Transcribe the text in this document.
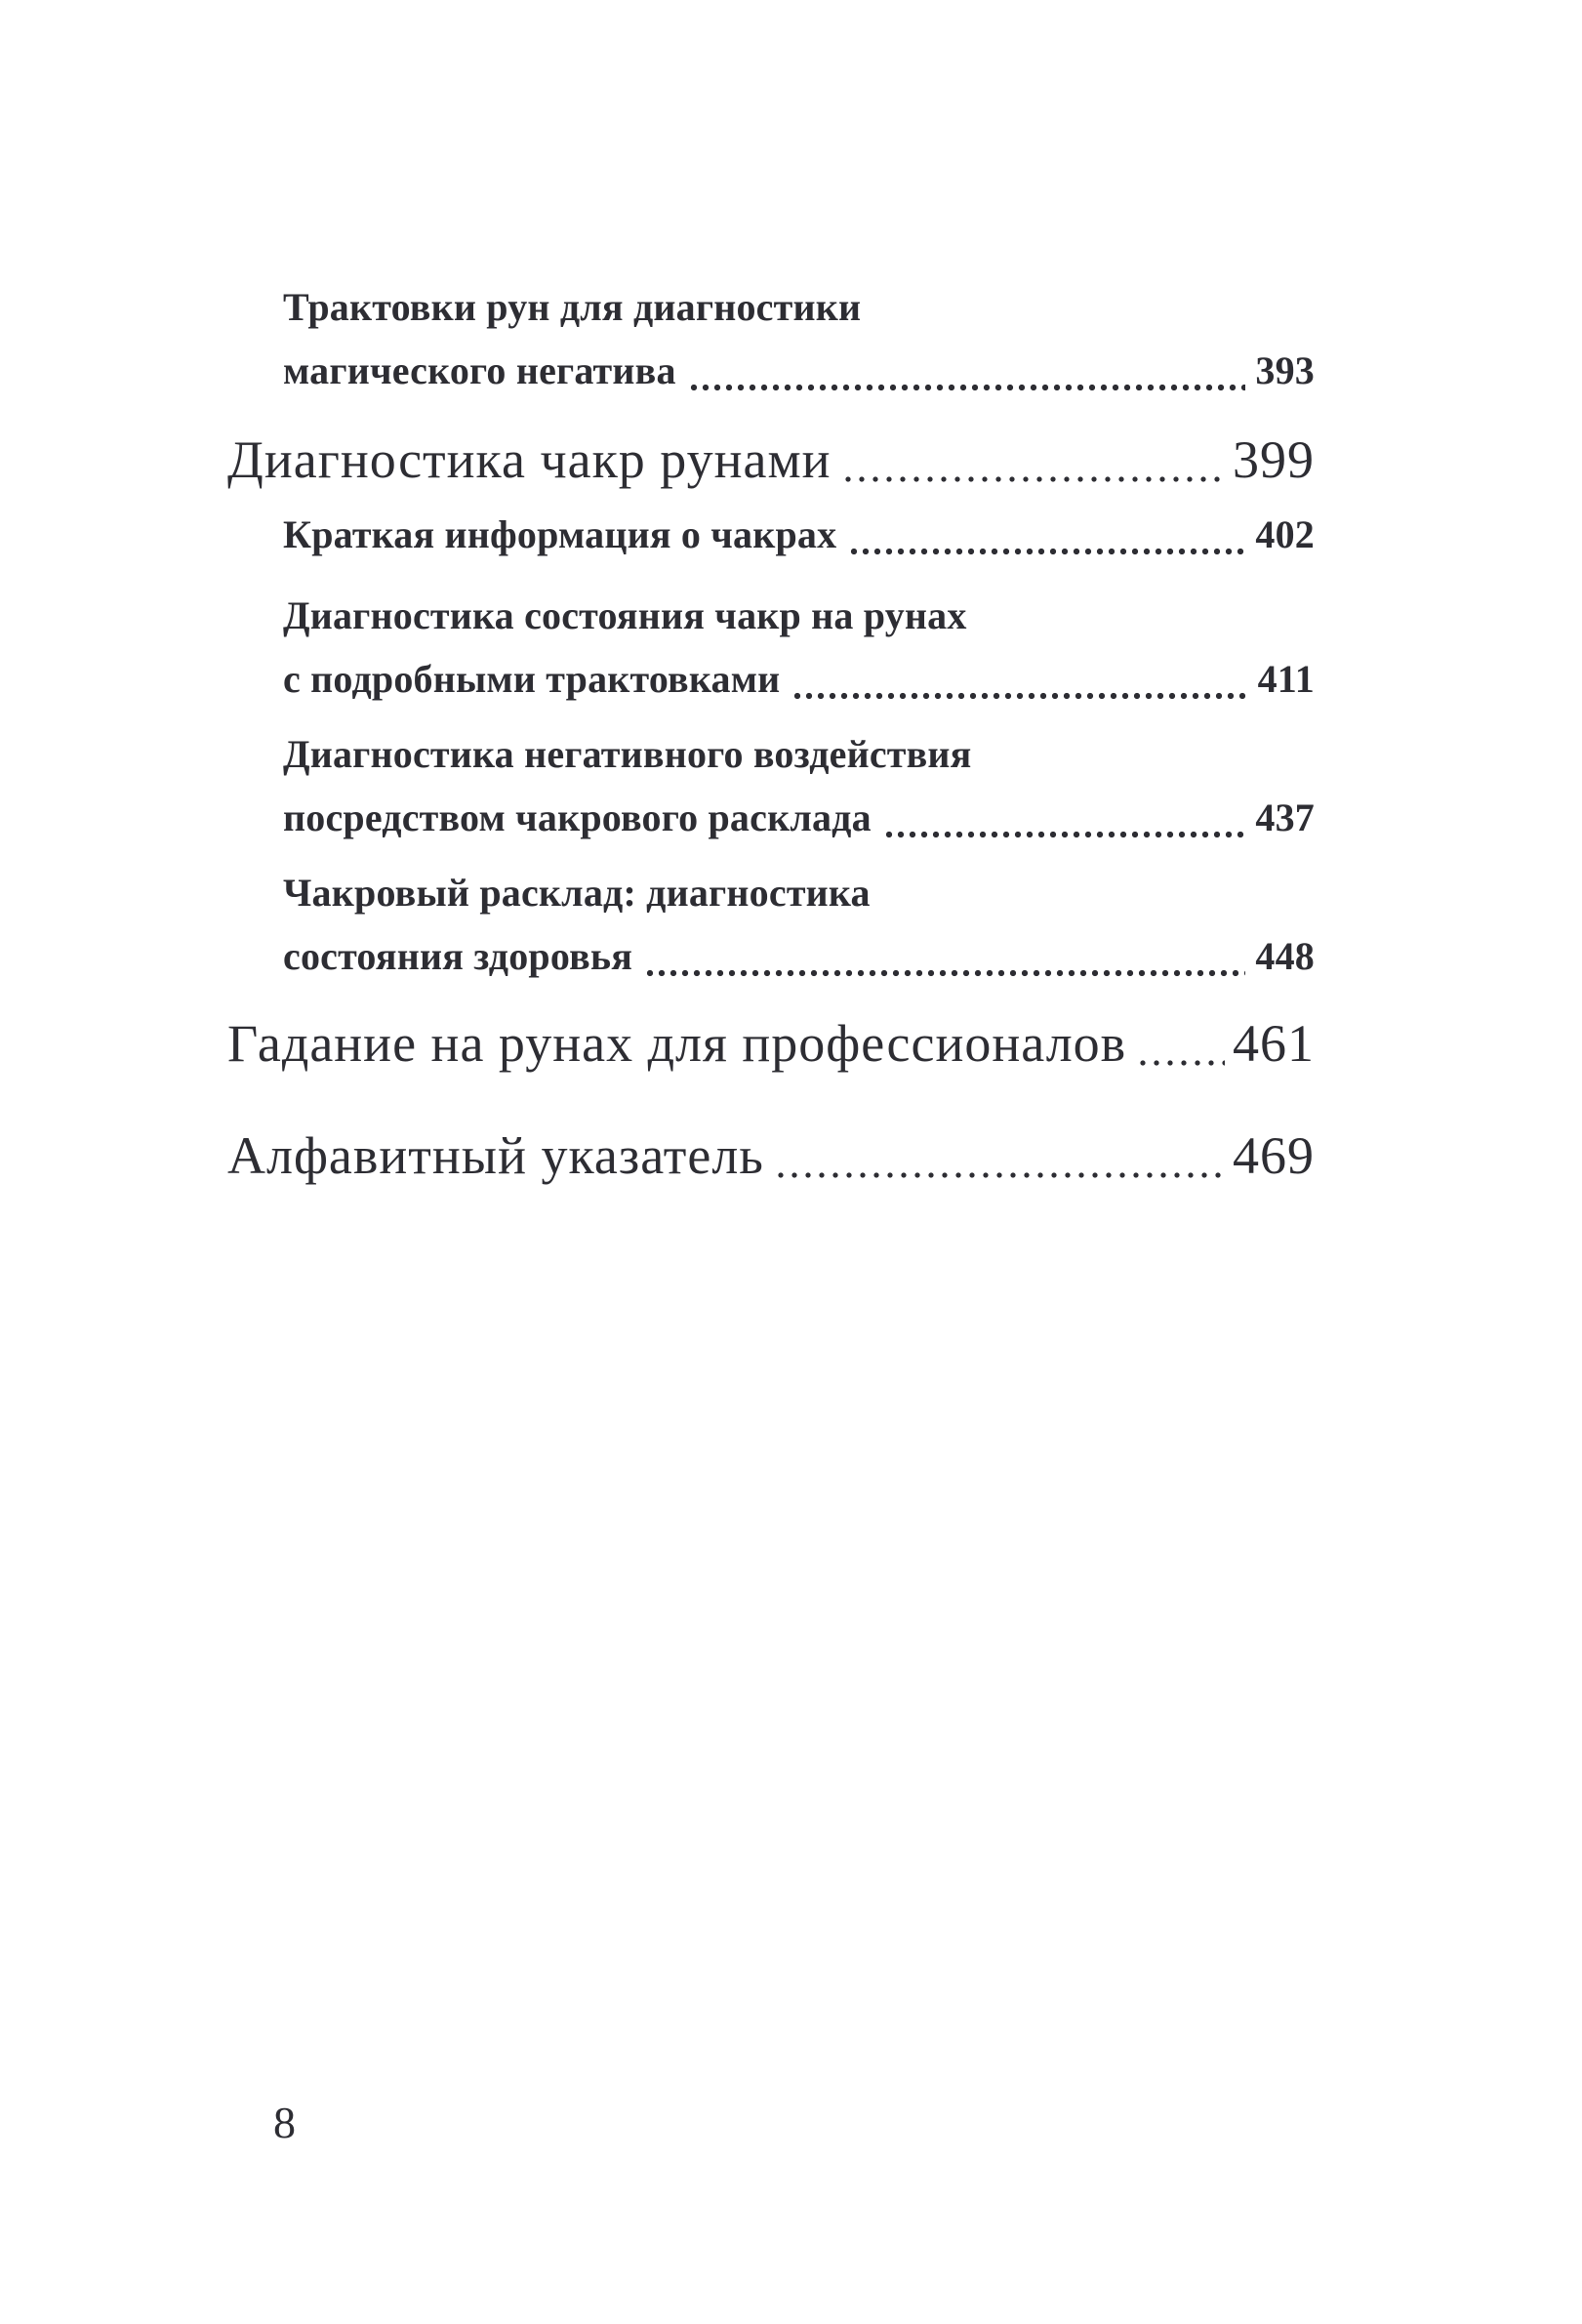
Трактовки рун для диагностики
магического негатива	393
Диагностика чакр рунами	399
Краткая информация о чакрах	402
Диагностика состояния чакр на рунах
с подробными трактовками	411
Диагностика негативного воздействия
посредством чакрового расклада	437
Чакровый расклад: диагностика
состояния здоровья	448
Гадание на рунах для профессионалов 461
Алфавитный указатель	469
8
